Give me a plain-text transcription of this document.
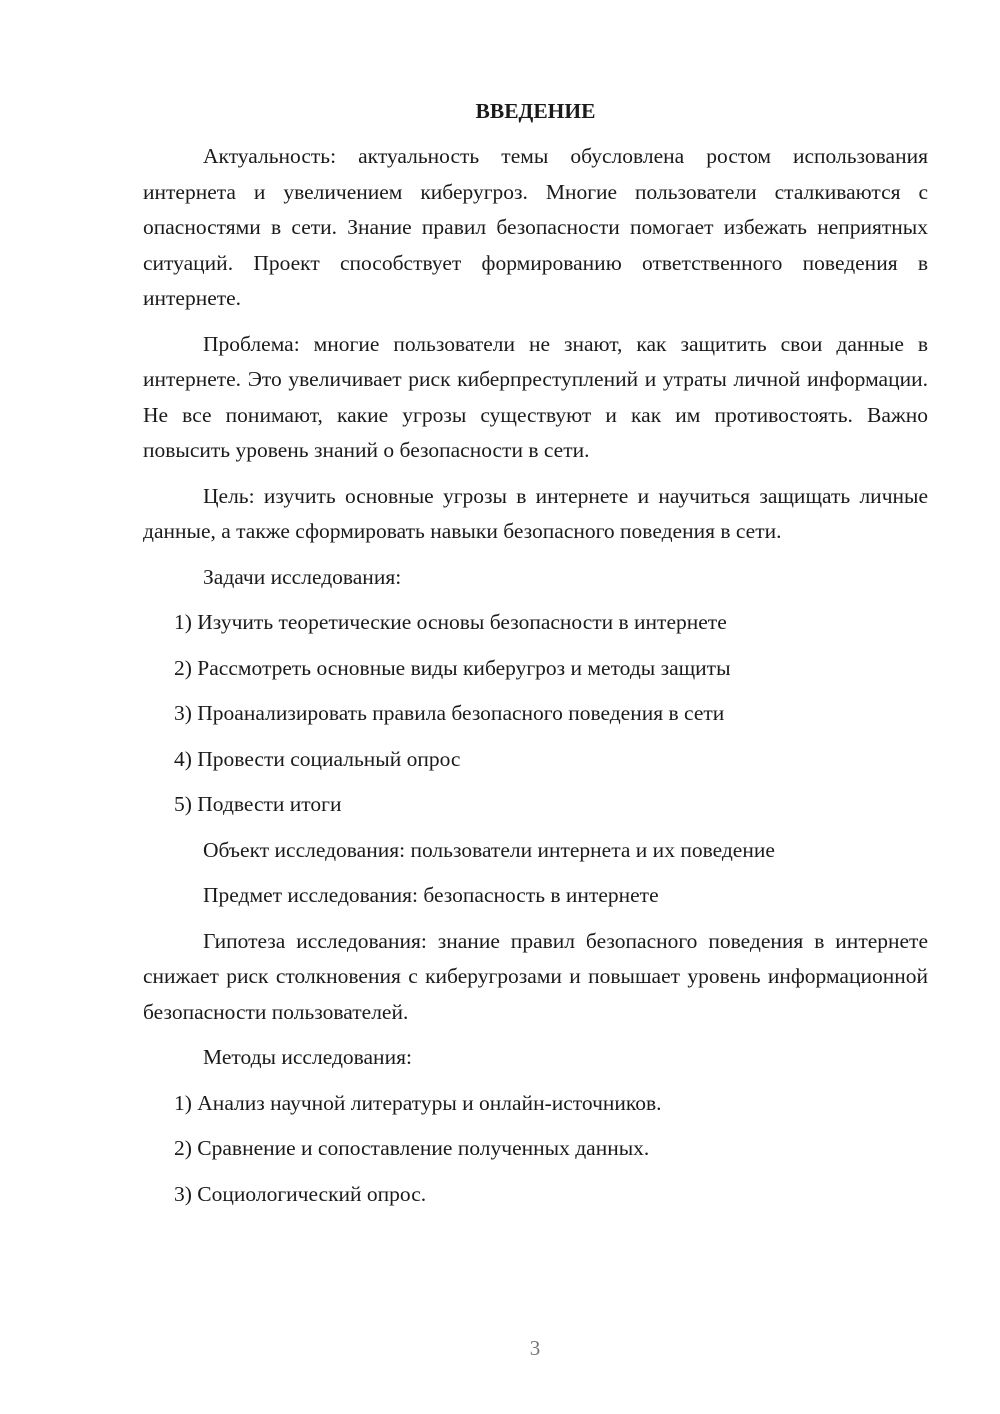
ВВЕДЕНИЕ

Актуальность: актуальность темы обусловлена ростом использования интернета и увеличением киберугроз. Многие пользователи сталкиваются с опасностями в сети. Знание правил безопасности помогает избежать неприятных ситуаций. Проект способствует формированию ответственного поведения в интернете.

Проблема: многие пользователи не знают, как защитить свои данные в интернете. Это увеличивает риск киберпреступлений и утраты личной информации. Не все понимают, какие угрозы существуют и как им противостоять. Важно повысить уровень знаний о безопасности в сети.

Цель: изучить основные угрозы в интернете и научиться защищать личные данные, а также сформировать навыки безопасного поведения в сети.

Задачи исследования:
1) Изучить теоретические основы безопасности в интернете
2) Рассмотреть основные виды киберугроз и методы защиты
3) Проанализировать правила безопасного поведения в сети
4) Провести социальный опрос
5) Подвести итоги
Объект исследования: пользователи интернета и их поведение
Предмет исследования: безопасность в интернете

Гипотеза исследования: знание правил безопасного поведения в интернете снижает риск столкновения с киберугрозами и повышает уровень информационной безопасности пользователей.

Методы исследования:
1) Анализ научной литературы и онлайн-источников.
2) Сравнение и сопоставление полученных данных.
3) Социологический опрос.
3
